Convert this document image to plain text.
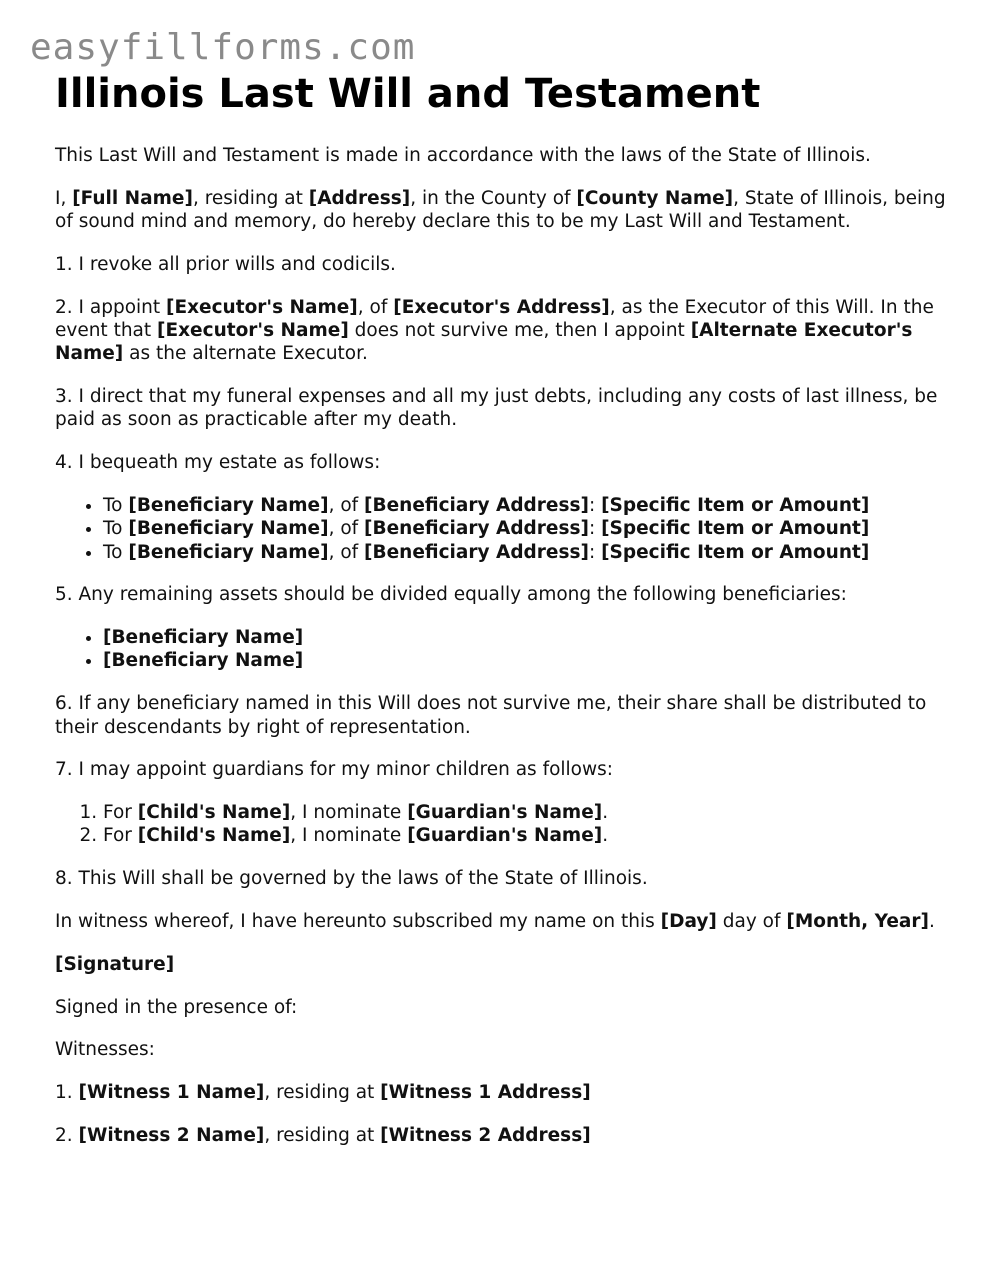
easyfillforms.com
Illinois Last Will and Testament

This Last Will and Testament is made in accordance with the laws of the State of Illinois.

I, [Full Name], residing at [Address], in the County of [County Name], State of Illinois, being of sound mind and memory, do hereby declare this to be my Last Will and Testament.

1. I revoke all prior wills and codicils.

2. I appoint [Executor's Name], of [Executor's Address], as the Executor of this Will. In the event that [Executor's Name] does not survive me, then I appoint [Alternate Executor's Name] as the alternate Executor.

3. I direct that my funeral expenses and all my just debts, including any costs of last illness, be paid as soon as practicable after my death.

4. I bequeath my estate as follows:

• To [Beneficiary Name], of [Beneficiary Address]: [Specific Item or Amount]
• To [Beneficiary Name], of [Beneficiary Address]: [Specific Item or Amount]
• To [Beneficiary Name], of [Beneficiary Address]: [Specific Item or Amount]

5. Any remaining assets should be divided equally among the following beneficiaries:

• [Beneficiary Name]
• [Beneficiary Name]

6. If any beneficiary named in this Will does not survive me, their share shall be distributed to their descendants by right of representation.

7. I may appoint guardians for my minor children as follows:

1. For [Child's Name], I nominate [Guardian's Name].
2. For [Child's Name], I nominate [Guardian's Name].

8. This Will shall be governed by the laws of the State of Illinois.

In witness whereof, I have hereunto subscribed my name on this [Day] day of [Month, Year].

[Signature]

Signed in the presence of:

Witnesses:

1. [Witness 1 Name], residing at [Witness 1 Address]

2. [Witness 2 Name], residing at [Witness 2 Address]
